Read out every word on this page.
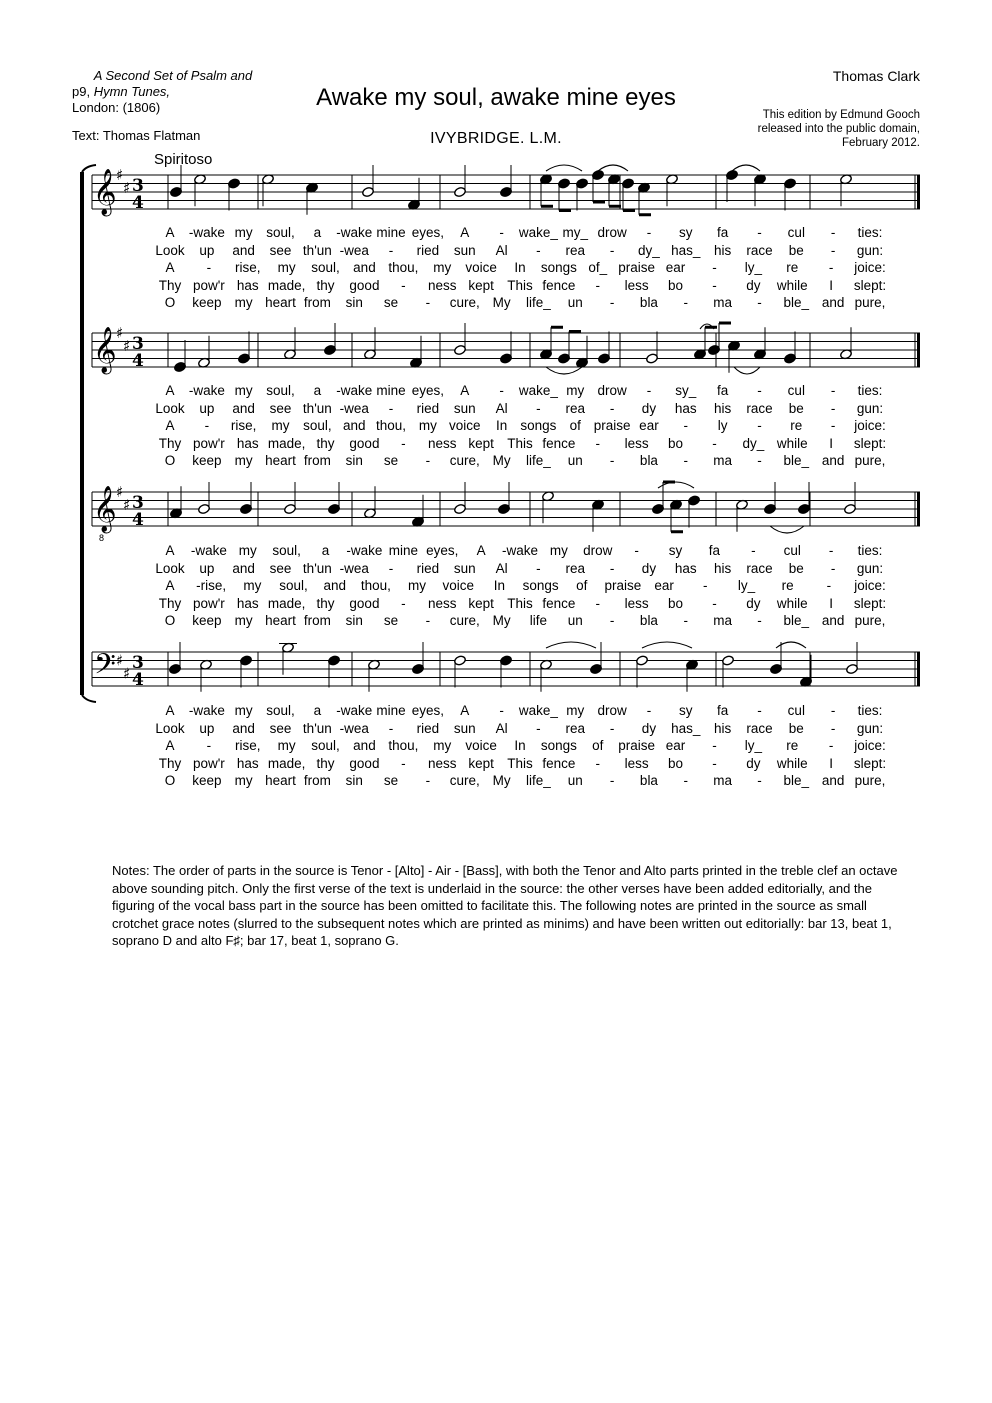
p9, A Second Set of Psalm and Hymn Tunes,
London: (1806)
Text: Thomas Flatman
Awake my soul, awake mine eyes
IVYBRIDGE. L.M.
Thomas Clark
This edition by Edmund Gooch
released into the public domain,
February 2012.
Spiritoso
𝄞 ♯
♯ 3
4
𝄞 ♯
♯ 3
4
𝄞
8
♯
♯ 3
4
𝄢 ♯
♯
3
4
A -wake my soul, a -wake mine eyes, A - wake_ my_ drow - sy fa - cul - ties:
Look up and see th'un -wea - ried sun Al - rea - dy_ has_ his race be - gun:
A - rise, my soul, and thou, my voice In songs of_ praise ear - ly_ re - joice:
Thy pow'r has made, thy good - ness kept This fence - less bo - dy while I slept:
O keep my heart from sin se - cure, My life_ un - bla - ma - ble_ and pure,
A -wake my soul, a -wake mine eyes, A - wake_ my drow - sy_ fa - cul - ties:
Look up and see th'un -wea - ried sun Al - rea - dy has his race be - gun:
A - rise, my soul, and thou, my voice In songs of praise ear - ly - re - joice:
Thy pow'r has made, thy good - ness kept This fence - less bo - dy_ while I slept:
O keep my heart from sin se - cure, My life_ un - bla - ma - ble_ and pure,
A -wake my soul, a -wake mine eyes, A -wake my drow - sy fa - cul - ties:
Look up and see th'un -wea - ried sun Al - rea - dy has his race be - gun:
A -rise, my soul, and thou, my voice In songs of praise ear - ly_ re - joice:
Thy pow'r has made, thy good - ness kept This fence - less bo - dy while I slept:
O keep my heart from sin se - cure, My life un - bla - ma - ble_ and pure,
A -wake my soul, a -wake mine eyes, A - wake_ my drow - sy fa - cul - ties:
Look up and see th'un -wea - ried sun Al - rea - dy has_ his race be - gun:
A - rise, my soul, and thou, my voice In songs of praise ear - ly_ re - joice:
Thy pow'r has made, thy good - ness kept This fence - less bo - dy while I slept:
O keep my heart from sin se - cure, My life_ un - bla - ma - ble_ and pure,
Notes: The order of parts in the source is Tenor - [Alto] - Air - [Bass], with both the Tenor and Alto parts printed in the treble clef an octave above sounding pitch. Only the first verse of the text is underlaid in the source: the other verses have been added editorially, and the figuring of the vocal bass part in the source has been omitted to facilitate this. The following notes are printed in the source as small crotchet grace notes (slurred to the subsequent notes which are printed as minims) and have been written out editorially: bar 13, beat 1, soprano D and alto F♯; bar 17, beat 1, soprano G.
